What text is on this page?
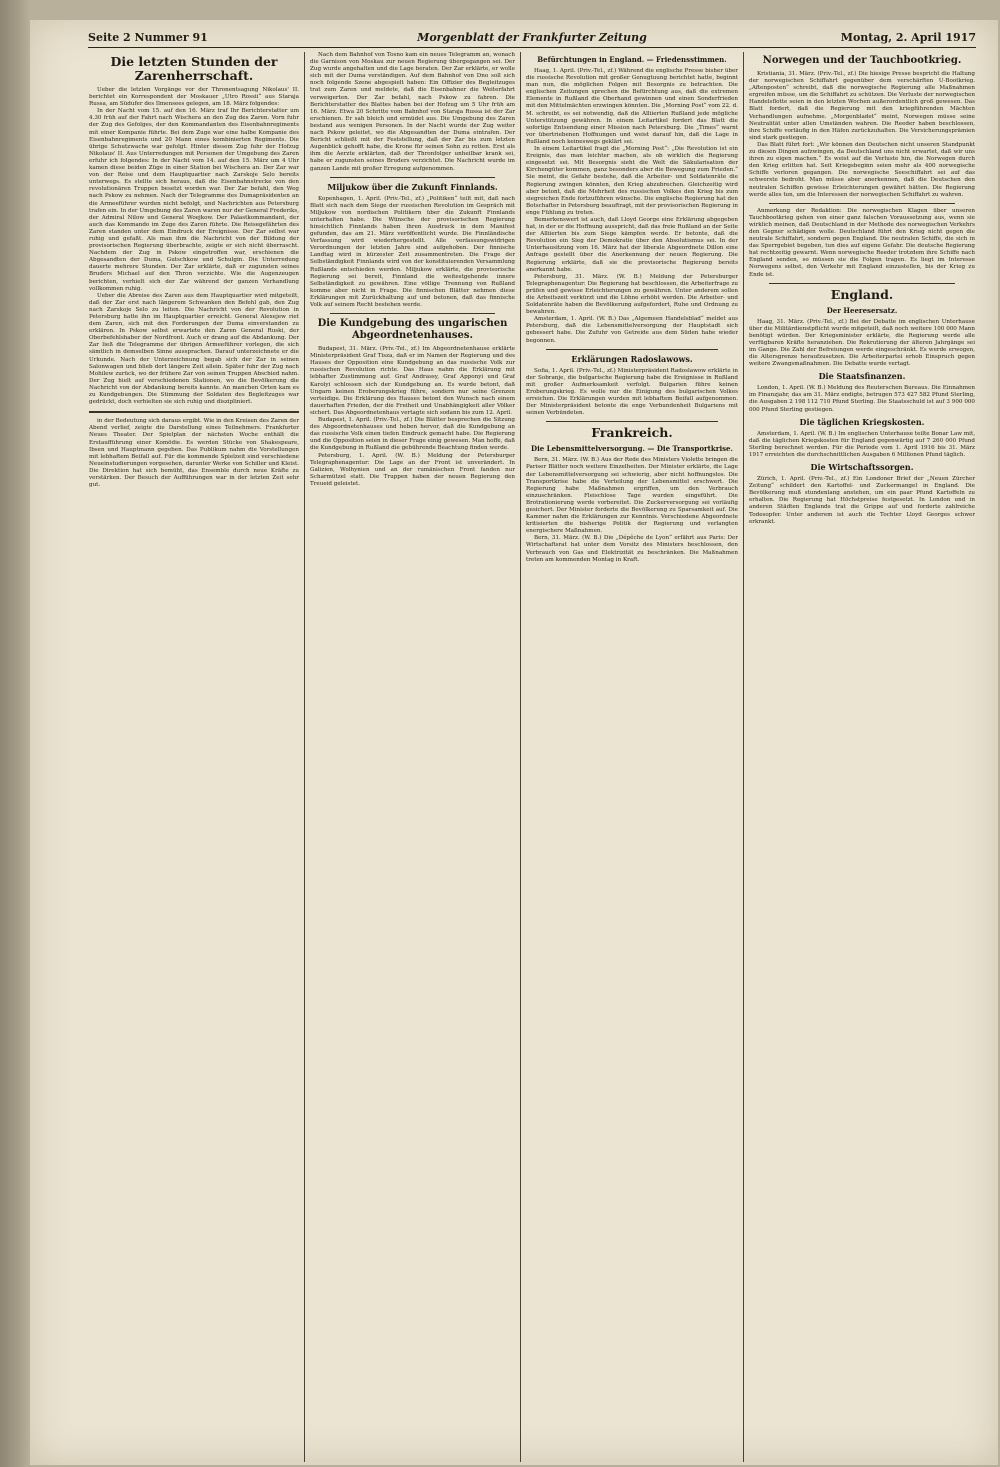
Seite 2 Nummer 91	Morgenblatt der Frankfurter Zeitung	Montag, 2. April 1917
Die letzten Stunden der Zarenherrschaft.

Ueber die letzten Vorgänge vor der Thronentsagung Nikolaus' II. berichtet ein Korrespondent der Moskauer „Utro Rossii“ aus Staraja Russa, am Südufer des Ilmensees gelegen, am 18. März folgendes:

In der Nacht vom 15. auf den 16. März traf Ihr Berichterstatter um 4.30 früh auf der Fahrt nach Wischera an den Zug des Zaren. Vorn fuhr der Zug des Gefolges, der den Kommandanten des Eisenbahnregiments mit einer Kompanie führte. Bei dem Zuge war eine halbe Kompanie des Eisenbahnregiments und 20 Mann eines kombinierten Regiments. Die übrige Schutzwache war gefolgt. Hinter diesem Zug fuhr der Hofzug Nikolaus' II. Aus Unterredungen mit Personen der Umgebung des Zaren erfuhr ich folgendes: In der Nacht vom 14. auf den 15. März um 4 Uhr kamen diese beiden Züge in einer Station bei Wischera an. Der Zar war von der Reise und dem Hauptquartier nach Zarskoje Selo bereits unterwegs. Es stellte sich heraus, daß die Eisenbahnstrecke von den revolutionären Truppen besetzt worden war. Der Zar befahl, den Weg nach Pskow zu nehmen. Nach der Telegramme des Dumapräsidenten an die Armeeführer wurden nicht befolgt, und Nachrichten aus Petersburg trafen ein. In der Umgebung des Zaren waren nur der General Frederiks, der Admiral Nilow und General Woejkow. Der Palastkommandant, der auch das Kommando im Zuge des Zaren führte. Die Reisegefährten des Zaren standen unter dem Eindruck der Ereignisse. Der Zar selbst war ruhig und gefaßt. Als man ihm die Nachricht von der Bildung der provisorischen Regierung überbrachte, zeigte er sich nicht überrascht. Nachdem der Zug in Pskow eingetroffen war, erschienen die Abgesandten der Duma, Gutschkow und Schulgin. Die Unterredung dauerte mehrere Stunden. Der Zar erklärte, daß er zugunsten seines Bruders Michael auf den Thron verzichte. Wie die Augenzeugen berichten, verhielt sich der Zar während der ganzen Verhandlung vollkommen ruhig.

Ueber die Abreise des Zaren aus dem Hauptquartier wird mitgeteilt, daß der Zar erst nach längerem Schwanken den Befehl gab, den Zug nach Zarskoje Selo zu leiten. Die Nachricht von der Revolution in Petersburg hatte ihn im Hauptquartier erreicht. General Alexejew riet dem Zaren, sich mit den Forderungen der Duma einverstanden zu erklären. In Pskow selbst erwartete den Zaren General Ruski, der Oberbefehlshaber der Nordfront. Auch er drang auf die Abdankung. Der Zar ließ die Telegramme der übrigen Armeeführer vorlegen, die sich sämtlich in demselben Sinne aussprachen. Darauf unterzeichnete er die Urkunde. Nach der Unterzeichnung begab sich der Zar in seinen Salonwagen und blieb dort längere Zeit allein. Später fuhr der Zug nach Mohilew zurück, wo der frühere Zar von seinen Truppen Abschied nahm. Der Zug hielt auf verschiedenen Stationen, wo die Bevölkerung die Nachricht von der Abdankung bereits kannte. An manchen Orten kam es zu Kundgebungen. Die Stimmung der Soldaten des Begleitzuges war gedrückt, doch verhielten sie sich ruhig und diszipliniert.

in der Bedeutung sich daraus ergibt. Wie in den Kreisen des Zaren der Abend verlief, zeigte die Darstellung eines Teilnehmers. Frankfurter Neues Theater. Der Spielplan der nächsten Woche enthält die Erstaufführung einer Komödie. Es werden Stücke von Shakespeare, Ibsen und Hauptmann gegeben. Das Publikum nahm die Vorstellungen mit lebhaftem Beifall auf. Für die kommende Spielzeit sind verschiedene Neueinstudierungen vorgesehen, darunter Werke von Schiller und Kleist. Die Direktion hat sich bemüht, das Ensemble durch neue Kräfte zu verstärken. Der Besuch der Aufführungen war in der letzten Zeit sehr gut.

Nach dem Bahnhof von Tosno kam ein neues Telegramm an, wonach die Garnison von Moskau zur neuen Regierung übergegangen sei. Der Zug wurde angehalten und die Lage beraten. Der Zar erklärte, er wolle sich mit der Duma verständigen. Auf dem Bahnhof von Dno soll sich noch folgende Szene abgespielt haben: Ein Offizier des Begleitzuges trat zum Zaren und meldete, daß die Eisenbahner die Weiterfahrt verweigerten. Der Zar befahl, nach Pskow zu fahren. Die Berichterstatter des Blattes haben bei der Hofzug um 5 Uhr früh am 16. März. Etwa 20 Schritte vom Bahnhof von Staraja Russa ist der Zar erschienen. Er sah bleich und ermüdet aus. Die Umgebung des Zaren bestand aus wenigen Personen. In der Nacht wurde der Zug weiter nach Pskow geleitet, wo die Abgesandten der Duma eintrafen. Der Bericht schließt mit der Feststellung, daß der Zar bis zum letzten Augenblick gehofft habe, die Krone für seinen Sohn zu retten. Erst als ihm die Aerzte erklärten, daß der Thronfolger unheilbar krank sei, habe er zugunsten seines Bruders verzichtet. Die Nachricht wurde im ganzen Lande mit großer Erregung aufgenommen.

Miljukow über die Zukunft Finnlands.

Kopenhagen, 1. April. (Priv.-Tel., zf.) „Politiken“ teilt mit, daß nach Blatt sich nach dem Siege der russischen Revolution im Gespräch mit Miljukow von nordischen Politikern über die Zukunft Finnlands unterhalten habe. Die Wünsche der provisorischen Regierung hinsichtlich Finnlands haben ihren Ausdruck in dem Manifest gefunden, das am 21. März veröffentlicht wurde. Die Finnländische Verfassung wird wiederhergestellt. Alle verfassungswidrigen Verordnungen der letzten Jahre sind aufgehoben. Der finnische Landtag wird in kürzester Zeit zusammentreten. Die Frage der Selbständigkeit Finnlands wird von der konstituierenden Versammlung Rußlands entschieden werden. Miljukow erklärte, die provisorische Regierung sei bereit, Finnland die weitestgehende innere Selbständigkeit zu gewähren. Eine völlige Trennung von Rußland komme aber nicht in Frage. Die finnischen Blätter nehmen diese Erklärungen mit Zurückhaltung auf und betonen, daß das finnische Volk auf seinem Recht bestehen werde.

Die Kundgebung des ungarischen Abgeordnetenhauses.

Budapest, 31. März. (Priv.-Tel., zf.) Im Abgeordnetenhause erklärte Ministerpräsident Graf Tisza, daß er im Namen der Regierung und des Hauses der Opposition eine Kundgebung an das russische Volk zur russischen Revolution richte. Das Haus nahm die Erklärung mit lebhafter Zustimmung auf. Graf Andrassy, Graf Apponyi und Graf Karolyi schlossen sich der Kundgebung an. Es wurde betont, daß Ungarn keinen Eroberungskrieg führe, sondern nur seine Grenzen verteidige. Die Erklärung des Hauses betont den Wunsch nach einem dauerhaften Frieden, der die Freiheit und Unabhängigkeit aller Völker sichert. Das Abgeordnetenhaus vertagte sich sodann bis zum 12. April.

Budapest, 1. April. (Priv.-Tel., zf.) Die Blätter besprechen die Sitzung des Abgeordnetenhauses und heben hervor, daß die Kundgebung an das russische Volk einen tiefen Eindruck gemacht habe. Die Regierung und die Opposition seien in dieser Frage einig gewesen. Man hoffe, daß die Kundgebung in Rußland die gebührende Beachtung finden werde.

Petersburg, 1. April. (W. B.) Meldung der Petersburger Telegraphenagentur: Die Lage an der Front ist unverändert. In Galizien, Wolhynien und an der rumänischen Front fanden nur Scharmützel statt. Die Truppen haben der neuen Regierung den Treueid geleistet.

Befürchtungen in England. — Friedensstimmen.

Haag, 1. April. (Priv.-Tel., zf.) Während die englische Presse bisher über die russische Revolution mit großer Genugtuung berichtet hatte, beginnt man nun, die möglichen Folgen mit Besorgnis zu betrachten. Die englischen Zeitungen sprechen die Befürchtung aus, daß die extremen Elemente in Rußland die Oberhand gewinnen und einen Sonderfrieden mit den Mittelmächten erzwingen könnten. Die „Morning Post“ vom 22. d. M. schreibt, es sei notwendig, daß die Alliierten Rußland jede mögliche Unterstützung gewähren. In einem Leitartikel fordert das Blatt die sofortige Entsendung einer Mission nach Petersburg. Die „Times“ warnt vor übertriebenen Hoffnungen und weist darauf hin, daß die Lage in Rußland noch keineswegs geklärt sei.

In einem Leitartikel fragt die „Morning Post“: „Die Revolution ist ein Ereignis, das man leichter machen, als ob wirklich die Regierung eingesetzt sei. Mit Besorgnis sieht die Welt die Säkularisation der Kirchengüter kommen, ganz besonders aber die Bewegung zum Frieden.“ Sie meint, die Gefahr bestehe, daß die Arbeiter- und Soldatenräte die Regierung zwingen könnten, den Krieg abzubrechen. Gleichzeitig wird aber betont, daß die Mehrheit des russischen Volkes den Krieg bis zum siegreichen Ende fortzuführen wünsche. Die englische Regierung hat den Botschafter in Petersburg beauftragt, mit der provisorischen Regierung in enge Fühlung zu treten.

Bemerkenswert ist auch, daß Lloyd George eine Erklärung abgegeben hat, in der er die Hoffnung ausspricht, daß das freie Rußland an der Seite der Alliierten bis zum Siege kämpfen werde. Er betonte, daß die Revolution ein Sieg der Demokratie über den Absolutismus sei. In der Unterhausitzung vom 16. März hat der liberale Abgeordnete Dillon eine Anfrage gestellt über die Anerkennung der neuen Regierung. Die Regierung erklärte, daß sie die provisorische Regierung bereits anerkannt habe.

Petersburg, 31. März. (W. B.) Meldung der Petersburger Telegraphenagentur: Die Regierung hat beschlossen, die Arbeiterfrage zu prüfen und gewisse Erleichterungen zu gewähren. Unter anderem sollen die Arbeitszeit verkürzt und die Löhne erhöht werden. Die Arbeiter- und Soldatenräte haben die Bevölkerung aufgefordert, Ruhe und Ordnung zu bewahren.

Amsterdam, 1. April. (W. B.) Das „Algemeen Handelsblad“ meldet aus Petersburg, daß die Lebensmittelversorgung der Hauptstadt sich gebessert habe. Die Zufuhr von Getreide aus dem Süden habe wieder begonnen.

Erklärungen Radoslawows.

Sofia, 1. April. (Priv.-Tel., zf.) Ministerpräsident Radoslawow erklärte in der Sobranje, die bulgarische Regierung habe die Ereignisse in Rußland mit großer Aufmerksamkeit verfolgt. Bulgarien führe keinen Eroberungskrieg. Es wolle nur die Einigung des bulgarischen Volkes erreichen. Die Erklärungen wurden mit lebhaftem Beifall aufgenommen. Der Ministerpräsident betonte die enge Verbundenheit Bulgariens mit seinen Verbündeten.

Frankreich.
Die Lebensmittelversorgung. — Die Transportkrise.

Bern, 31. März. (W. B.) Aus der Rede des Ministers Violette bringen die Pariser Blätter noch weitere Einzelheiten. Der Minister erklärte, die Lage der Lebensmittelversorgung sei schwierig, aber nicht hoffnungslos. Die Transportkrise habe die Verteilung der Lebensmittel erschwert. Die Regierung habe Maßnahmen ergriffen, um den Verbrauch einzuschränken. Fleischlose Tage wurden eingeführt. Die Brotrationierung werde vorbereitet. Die Zuckerversorgung sei vorläufig gesichert. Der Minister forderte die Bevölkerung zu Sparsamkeit auf. Die Kammer nahm die Erklärungen zur Kenntnis. Verschiedene Abgeordnete kritisierten die bisherige Politik der Regierung und verlangten energischere Maßnahmen.

Bern, 31. März. (W. B.) Die „Dépêche de Lyon“ erfährt aus Paris: Der Wirtschaftsrat hat unter dem Vorsitz des Ministers beschlossen, den Verbrauch von Gas und Elektrizität zu beschränken. Die Maßnahmen treten am kommenden Montag in Kraft.

Norwegen und der Tauchbootkrieg.

Kristiania, 31. März. (Priv.-Tel., zf.) Die hiesige Presse bespricht die Haltung der norwegischen Schiffahrt gegenüber dem verschärften U-Bootkrieg. „Aftenposten“ schreibt, daß die norwegische Regierung alle Maßnahmen ergreifen müsse, um die Schiffahrt zu schützen. Die Verluste der norwegischen Handelsflotte seien in den letzten Wochen außerordentlich groß gewesen. Das Blatt fordert, daß die Regierung mit den kriegführenden Mächten Verhandlungen aufnehme. „Morgenbladet“ meint, Norwegen müsse seine Neutralität unter allen Umständen wahren. Die Reeder haben beschlossen, ihre Schiffe vorläufig in den Häfen zurückzuhalten. Die Versicherungsprämien sind stark gestiegen.

Das Blatt führt fort: „Wir können den Deutschen nicht unseren Standpunkt zu diesen Dingen aufzwingen, da Deutschland uns nicht erwartet, daß wir uns ihren zu eigen machen.“ Es weist auf die Verluste hin, die Norwegen durch den Krieg erlitten hat. Seit Kriegsbeginn seien mehr als 400 norwegische Schiffe verloren gegangen. Die norwegische Seeschiffahrt sei auf das schwerste bedroht. Man müsse aber anerkennen, daß die Deutschen den neutralen Schiffen gewisse Erleichterungen gewährt hätten. Die Regierung werde alles tun, um die Interessen der norwegischen Schiffahrt zu wahren.

Anmerkung der Redaktion: Die norwegischen Klagen über unseren Tauchbootkrieg gehen von einer ganz falschen Voraussetzung aus, wenn sie wirklich meinen, daß Deutschland in der Methode des norwegischen Verkehrs den Gegner schädigen wolle. Deutschland führt den Krieg nicht gegen die neutrale Schiffahrt, sondern gegen England. Die neutralen Schiffe, die sich in das Sperrgebiet begeben, tun dies auf eigene Gefahr. Die deutsche Regierung hat rechtzeitig gewarnt. Wenn norwegische Reeder trotzdem ihre Schiffe nach England senden, so müssen sie die Folgen tragen. Es liegt im Interesse Norwegens selbst, den Verkehr mit England einzustellen, bis der Krieg zu Ende ist.

England.
Der Heeresersatz.

Haag, 31. März. (Priv.-Tel., zf.) Bei der Debatte im englischen Unterhause über die Militärdienstpflicht wurde mitgeteilt, daß noch weitere 100 000 Mann benötigt würden. Der Kriegsminister erklärte, die Regierung werde alle verfügbaren Kräfte heranziehen. Die Rekrutierung der älteren Jahrgänge sei im Gange. Die Zahl der Befreiungen werde eingeschränkt. Es werde erwogen, die Altersgrenze heraufzusetzen. Die Arbeiterpartei erhob Einspruch gegen weitere Zwangsmaßnahmen. Die Debatte wurde vertagt.

Die Staatsfinanzen.

London, 1. April. (W. B.) Meldung des Reuterschen Bureaus. Die Einnahmen im Finanzjahr, das am 31. März endigte, betrugen 573 427 582 Pfund Sterling, die Ausgaben 2 198 112 710 Pfund Sterling. Die Staatsschuld ist auf 3 900 000 000 Pfund Sterling gestiegen.

Die täglichen Kriegskosten.

Amsterdam, 1. April. (W. B.) Im englischen Unterhause teilte Bonar Law mit, daß die täglichen Kriegskosten für England gegenwärtig auf 7 260 000 Pfund Sterling berechnet werden. Für die Periode vom 1. April 1916 bis 31. März 1917 erreichten die durchschnittlichen Ausgaben 6 Millionen Pfund täglich.

Die Wirtschaftssorgen.

Zürich, 1. April. (Priv.-Tel., zf.) Ein Londoner Brief der „Neuen Zürcher Zeitung“ schildert den Kartoffel- und Zuckermangel in England. Die Bevölkerung muß stundenlang anstehen, um ein paar Pfund Kartoffeln zu erhalten. Die Regierung hat Höchstpreise festgesetzt. In London und in anderen Städten Englands trat die Grippe auf und forderte zahlreiche Todesopfer. Unter anderem ist auch die Tochter Lloyd Georges schwer erkrankt.
